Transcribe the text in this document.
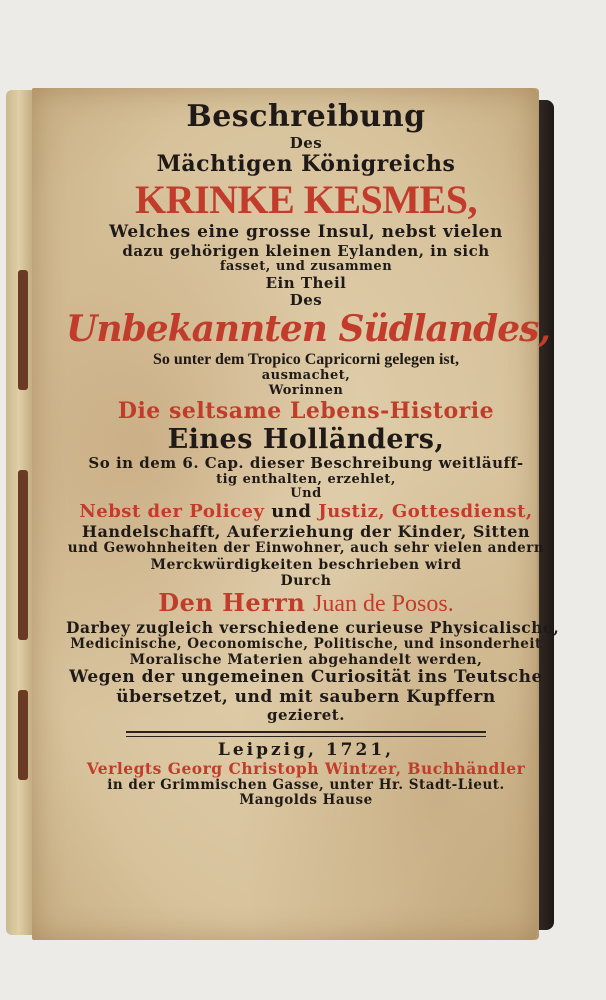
Beschreibung
Des
Mächtigen Königreichs
KRINKE KESMES,
Welches eine grosse Insul, nebst vielen
dazu gehörigen kleinen Eylanden, in sich
fasset, und zusammen
Ein Theil
Des
Unbekannten Südlandes,
So unter dem Tropico Capricorni gelegen ist,
ausmachet,
Worinnen
Die seltsame Lebens-Historie
Eines Holländers,
So in dem 6. Cap. dieser Beschreibung weitläuff-
tig enthalten, erzehlet,
Und
Nebst der Policey und Justiz, Gottesdienst,
Handelschafft, Auferziehung der Kinder, Sitten
und Gewohnheiten der Einwohner, auch sehr vielen andern
Merckwürdigkeiten beschrieben wird
Durch
Den Herrn Juan de Posos.
Darbey zugleich verschiedene curieuse Physicalische,
Medicinische, Oeconomische, Politische, und insonderheit
Moralische Materien abgehandelt werden,
Wegen der ungemeinen Curiosität ins Teutsche
übersetzet, und mit saubern Kupffern
gezieret.
Leipzig, 1721,
Verlegts Georg Christoph Wintzer, Buchhändler
in der Grimmischen Gasse, unter Hr. Stadt-Lieut.
Mangolds Hause
